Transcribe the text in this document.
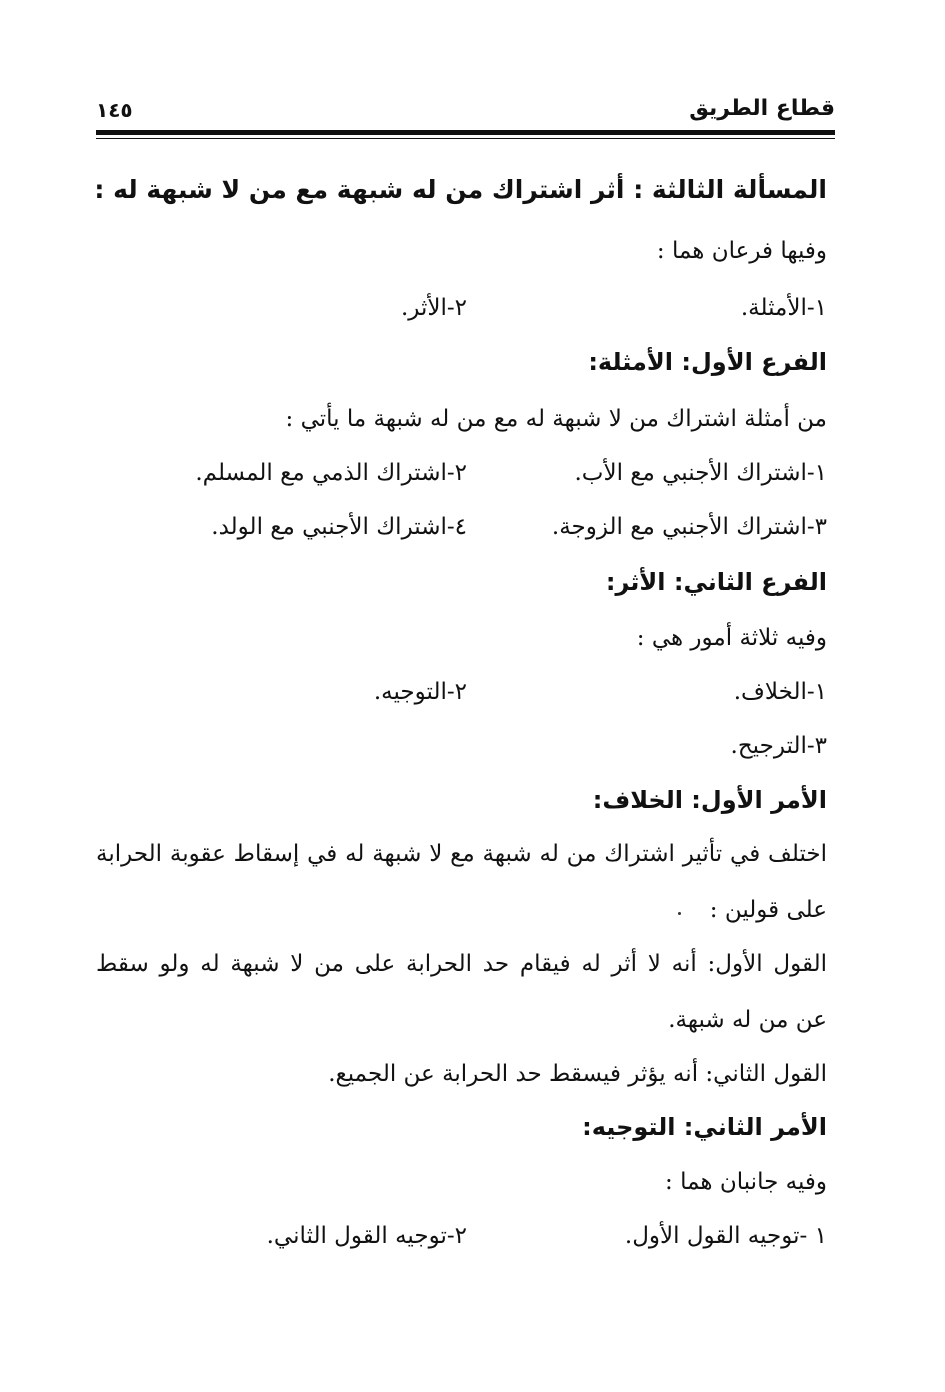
قطاع الطريق
١٤٥
المسألة الثالثة : أثر اشتراك من له شبهة مع من لا شبهة له :
وفيها فرعان هما :
١-الأمثلة.
٢-الأثر.
الفرع الأول: الأمثلة:
من أمثلة اشتراك من لا شبهة له مع من له شبهة ما يأتي :
١-اشتراك الأجنبي مع الأب.
٢-اشتراك الذمي مع المسلم.
٣-اشتراك الأجنبي مع الزوجة.
٤-اشتراك الأجنبي مع الولد.
الفرع الثاني: الأثر:
وفيه ثلاثة أمور هي :
١-الخلاف.
٢-التوجيه.
٣-الترجيح.
الأمر الأول: الخلاف:
اختلف في تأثير اشتراك من له شبهة مع لا شبهة له في إسقاط عقوبة الحرابة
على قولين :
القول الأول: أنه لا أثر له فيقام حد الحرابة على من لا شبهة له ولو سقط
عن من له شبهة.
القول الثاني: أنه يؤثر فيسقط حد الحرابة عن الجميع.
الأمر الثاني: التوجيه:
وفيه جانبان هما :
١ -توجيه القول الأول.
٢-توجيه القول الثاني.
